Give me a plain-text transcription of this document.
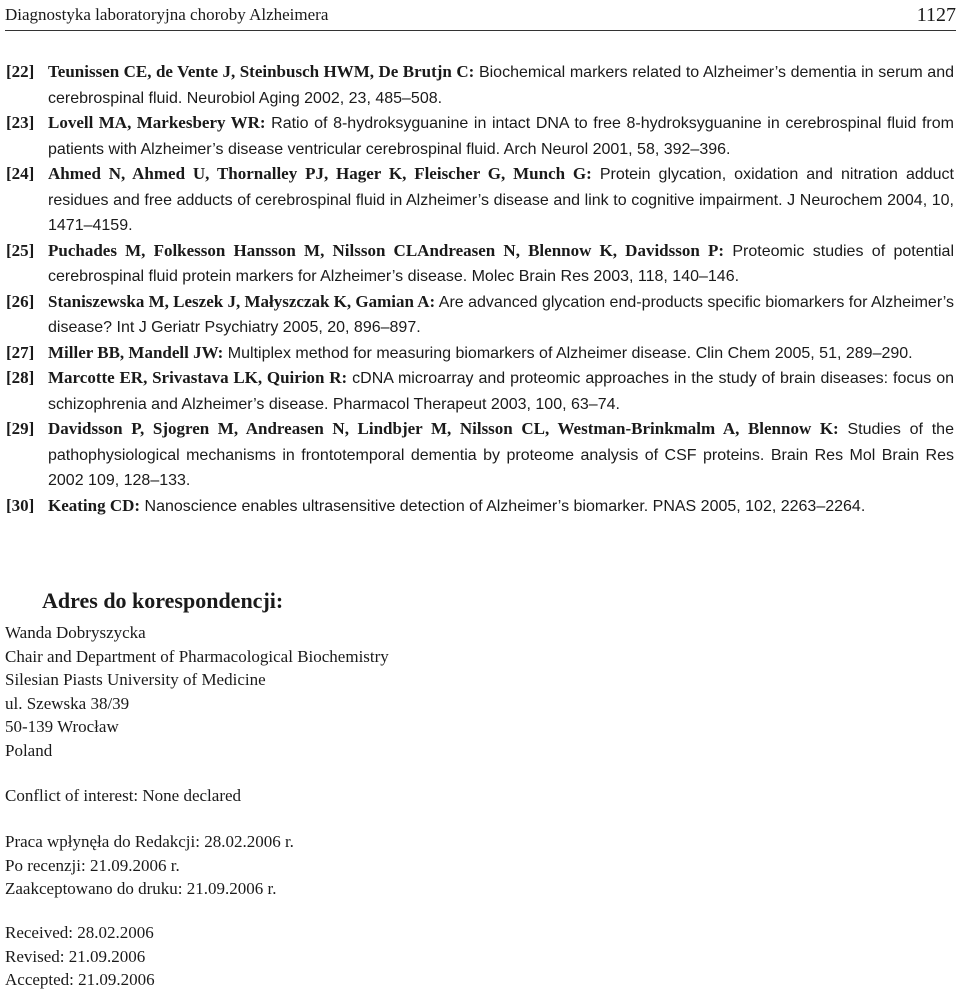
Diagnostyka laboratoryjna choroby Alzheimera	1127
[22] Teunissen CE, de Vente J, Steinbusch HWM, De Brutjn C: Biochemical markers related to Alzheimer’s dementia in serum and cerebrospinal fluid. Neurobiol Aging 2002, 23, 485–508.
[23] Lovell MA, Markesbery WR: Ratio of 8-hydroksyguanine in intact DNA to free 8-hydroksyguanine in cerebrospinal fluid from patients with Alzheimer’s disease ventricular cerebrospinal fluid. Arch Neurol 2001, 58, 392–396.
[24] Ahmed N, Ahmed U, Thornalley PJ, Hager K, Fleischer G, Munch G: Protein glycation, oxidation and nitration adduct residues and free adducts of cerebrospinal fluid in Alzheimer’s disease and link to cognitive impairment. J Neurochem 2004, 10, 1471–4159.
[25] Puchades M, Folkesson Hansson M, Nilsson CLAndreasen N, Blennow K, Davidsson P: Proteomic studies of potential cerebrospinal fluid protein markers for Alzheimer’s disease. Molec Brain Res 2003, 118, 140–146.
[26] Staniszewska M, Leszek J, Małyszczak K, Gamian A: Are advanced glycation end-products specific biomarkers for Alzheimer’s disease? Int J Geriatr Psychiatry 2005, 20, 896–897.
[27] Miller BB, Mandell JW: Multiplex method for measuring biomarkers of Alzheimer disease. Clin Chem 2005, 51, 289–290.
[28] Marcotte ER, Srivastava LK, Quirion R: cDNA microarray and proteomic approaches in the study of brain diseases: focus on schizophrenia and Alzheimer’s disease. Pharmacol Therapeut 2003, 100, 63–74.
[29] Davidsson P, Sjogren M, Andreasen N, Lindbjer M, Nilsson CL, Westman-Brinkmalm A, Blennow K: Studies of the pathophysiological mechanisms in frontotemporal dementia by proteome analysis of CSF proteins. Brain Res Mol Brain Res 2002 109, 128–133.
[30] Keating CD: Nanoscience enables ultrasensitive detection of Alzheimer’s biomarker. PNAS 2005, 102, 2263–2264.
Adres do korespondencji:
Wanda Dobryszycka
Chair and Department of Pharmacological Biochemistry
Silesian Piasts University of Medicine
ul. Szewska 38/39
50-139 Wrocław
Poland
Conflict of interest: None declared
Praca wpłynęła do Redakcji: 28.02.2006 r.
Po recenzji: 21.09.2006 r.
Zaakceptowano do druku: 21.09.2006 r.
Received: 28.02.2006
Revised: 21.09.2006
Accepted: 21.09.2006
